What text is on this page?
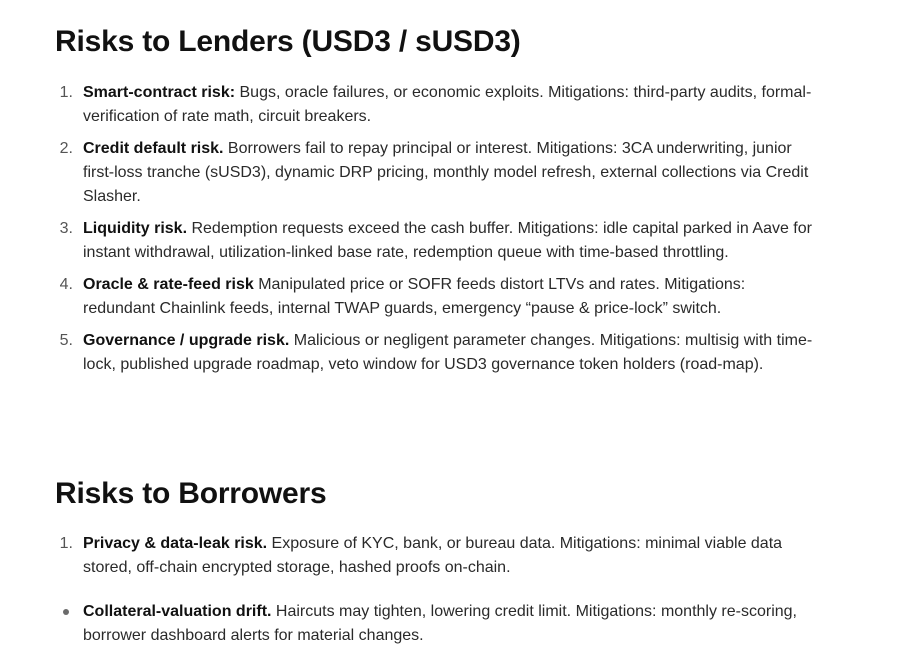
Risks to Lenders (USD3 / sUSD3)
1. Smart-contract risk: Bugs, oracle failures, or economic exploits. Mitigations: third-party audits, formal-verification of rate math, circuit breakers.
2. Credit default risk. Borrowers fail to repay principal or interest. Mitigations: 3CA underwriting, junior first-loss tranche (sUSD3), dynamic DRP pricing, monthly model refresh, external collections via Credit Slasher.
3. Liquidity risk. Redemption requests exceed the cash buffer. Mitigations: idle capital parked in Aave for instant withdrawal, utilization-linked base rate, redemption queue with time-based throttling.
4. Oracle & rate-feed risk Manipulated price or SOFR feeds distort LTVs and rates. Mitigations: redundant Chainlink feeds, internal TWAP guards, emergency “pause & price-lock” switch.
5. Governance / upgrade risk. Malicious or negligent parameter changes. Mitigations: multisig with time-lock, published upgrade roadmap, veto window for USD3 governance token holders (road-map).
Risks to Borrowers
1. Privacy & data-leak risk. Exposure of KYC, bank, or bureau data. Mitigations: minimal viable data stored, off-chain encrypted storage, hashed proofs on-chain.
Collateral-valuation drift. Haircuts may tighten, lowering credit limit. Mitigations: monthly re-scoring, borrower dashboard alerts for material changes.
